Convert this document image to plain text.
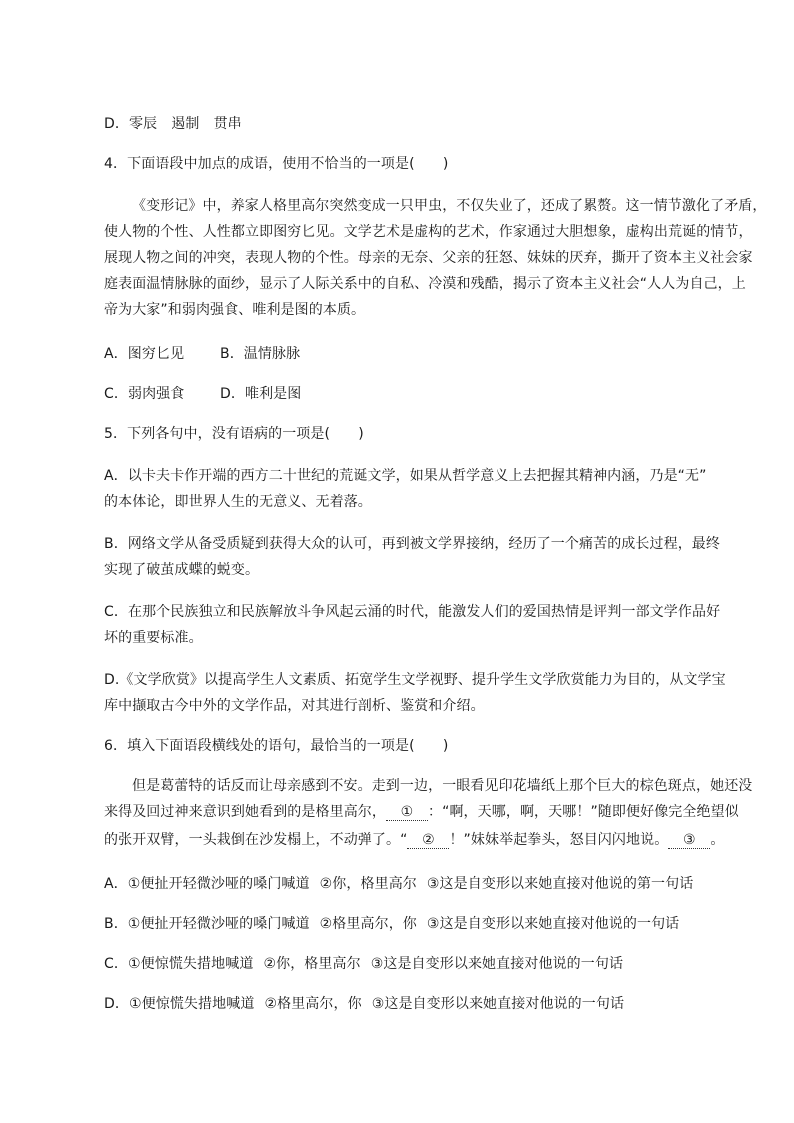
D．零辰　遏制　贯串
4．下面语段中加点的成语，使用不恰当的一项是(　　)
《变形记》中，养家人格里高尔突然变成一只甲虫，不仅失业了，还成了累赘。这一情节激化了矛盾，
使人物的个性、人性都立即图穷匕见。文学艺术是虚构的艺术，作家通过大胆想象，虚构出荒诞的情节，
展现人物之间的冲突，表现人物的个性。母亲的无奈、父亲的狂怒、妹妹的厌弃，撕开了资本主义社会家
庭表面温情脉脉的面纱，显示了人际关系中的自私、冷漠和残酷，揭示了资本主义社会“人人为自己，上
帝为大家”和弱肉强食、唯利是图的本质。
A．图穷匕见	B．温情脉脉
C．弱肉强食	D．唯利是图
5．下列各句中，没有语病的一项是(　　)
A．以卡夫卡作开端的西方二十世纪的荒诞文学，如果从哲学意义上去把握其精神内涵，乃是“无”
的本体论，即世界人生的无意义、无着落。
B．网络文学从备受质疑到获得大众的认可，再到被文学界接纳，经历了一个痛苦的成长过程，最终
实现了破茧成蝶的蜕变。
C．在那个民族独立和民族解放斗争风起云涌的时代，能激发人们的爱国热情是评判一部文学作品好
坏的重要标准。
D.《文学欣赏》以提高学生人文素质、拓宽学生文学视野、提升学生文学欣赏能力为目的，从文学宝
库中撷取古今中外的文学作品，对其进行剖析、鉴赏和介绍。
6．填入下面语段横线处的语句，最恰当的一项是(　　)
但是葛蕾特的话反而让母亲感到不安。走到一边，一眼看见印花墙纸上那个巨大的棕色斑点，她还没
来得及回过神来意识到她看到的是格里高尔， ① ：“啊，天哪，啊，天哪！”随即便好像完全绝望似
的张开双臂，一头栽倒在沙发榻上，不动弹了。“ ② ！”妹妹举起拳头，怒目闪闪地说。 ③ 。
A．①便扯开轻微沙哑的嗓门喊道 ②你，格里高尔 ③这是自变形以来她直接对他说的第一句话
B．①便扯开轻微沙哑的嗓门喊道 ②格里高尔，你 ③这是自变形以来她直接对他说的一句话
C．①便惊慌失措地喊道 ②你，格里高尔 ③这是自变形以来她直接对他说的一句话
D．①便惊慌失措地喊道 ②格里高尔，你 ③这是自变形以来她直接对他说的一句话
